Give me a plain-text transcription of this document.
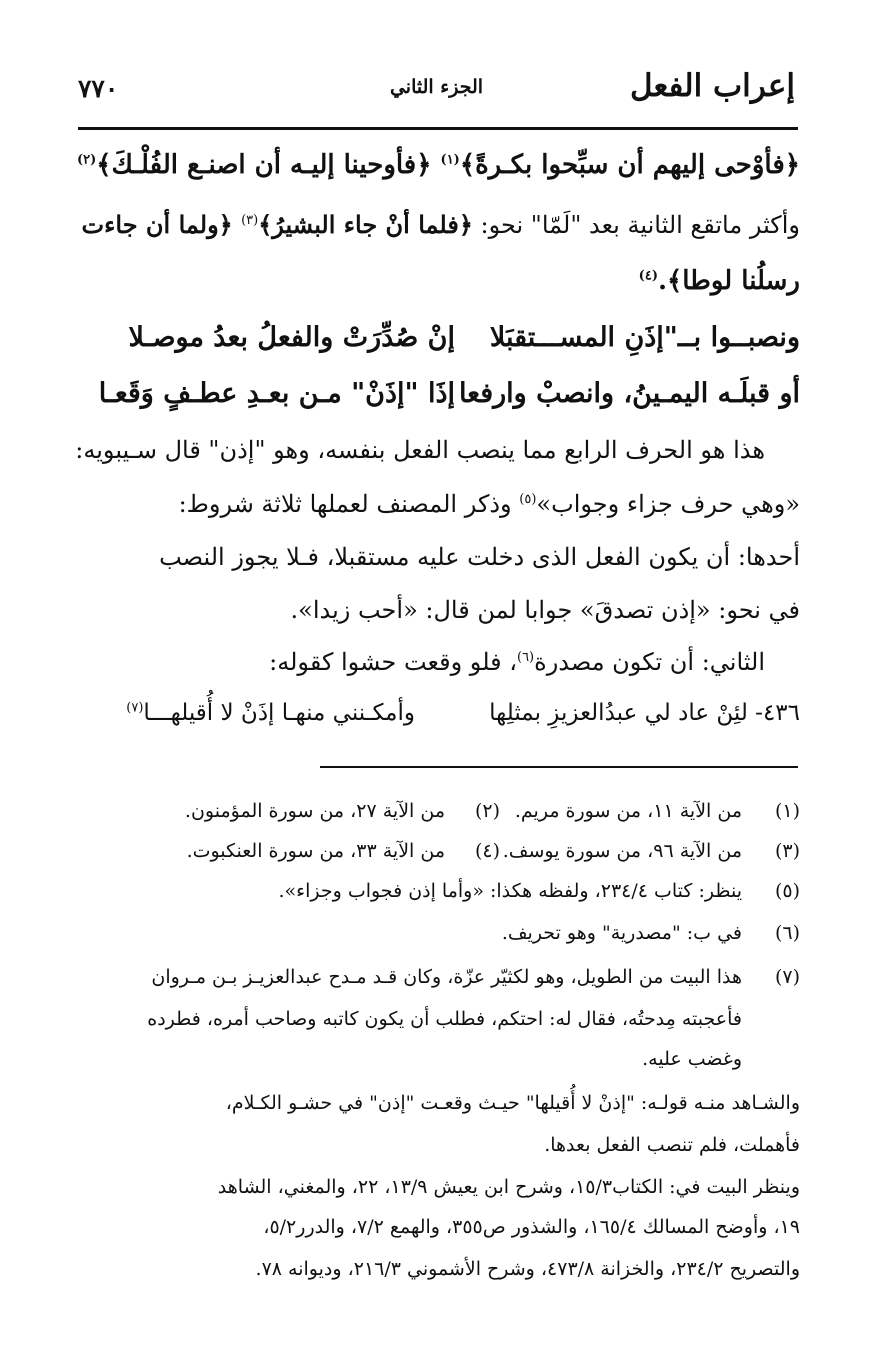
إعراب الفعل
الجزء الثاني
٧٧٠
﴿فأوْحى إليهم أن سبِّحوا بكـرةً﴾$^{(١)}$ ﴿فأوحينا إليـه أن اصنـع الفُلْـكَ﴾$^{(٢)}$
وأكثر ماتقع الثانية بعد "لَمّا" نحو: ﴿فلما أنْ جاء البشيرُ﴾$^{(٣)}$ ﴿ولما أن جاءت
رسلُنا لوطا﴾.$^{(٤)}$
ونصبــوا بــ"إذَنِ المســـتقبَلا
إنْ صُدِّرَتْ والفعلُ بعدُ موصـلا
أو قبلَـه اليمـينُ، وانصبْ وارفعا
إذَا "إذَنْ" مـن بعـدِ عطـفٍ وَقَعـا
هذا هو الحرف الرابع مما ينصب الفعل بنفسه، وهو "إذن" قال سـيبويه:
«وهي حرف جزاء وجواب»$^{(٥)}$ وذكر المصنف لعملها ثلاثة شروط:
أحدها: أن يكون الفعل الذى دخلت عليه مستقبلا، فـلا يجوز النصب
في نحو: «إذن تصدقَ» جوابا لمن قال: «أحب زيدا».
الثاني: أن تكون مصدرة$^{(٦)}$، فلو وقعت حشوا كقوله:
٤٣٦- لئِنْ عاد لي عبدُالعزيزِ بمثلِها
وأمكـنني منهـا إذَنْ لا أُقيلهـــا$^{(٧)}$
(١)
من الآية ١١، من سورة مريم.
(٢)
من الآية ٢٧، من سورة المؤمنون.
(٣)
من الآية ٩٦، من سورة يوسف.
(٤)
من الآية ٣٣، من سورة العنكبوت.
(٥)
ينظر: كتاب ٢٣٤/٤، ولفظه هكذا: «وأما إذن فجواب وجزاء».
(٦)
في ب: "مصدرية" وهو تحريف.
(٧)
هذا البيت من الطويل، وهو لكثيّر عزّة، وكان قـد مـدح عبدالعزيـز بـن مـروان
فأعجبته مِدحتُه، فقال له: احتكم، فطلب أن يكون كاتبه وصاحب أمره، فطرده
وغضب عليه.
والشـاهد منـه قولـه: "إذنْ لا أُقيلها" حيـث وقعـت "إذن" في حشـو الكـلام،
فأهملت، فلم تنصب الفعل بعدها.
وينظر البيت في: الكتاب١٥/٣، وشرح ابن يعيش ١٣/٩، ٢٢، والمغني، الشاهد
١٩، وأوضح المسالك ١٦٥/٤، والشذور ص٣٥٥، والهمع ٧/٢، والدرر٥/٢،
والتصريح ٢٣٤/٢، والخزانة ٤٧٣/٨، وشرح الأشموني ٢١٦/٣، وديوانه ٧٨.
